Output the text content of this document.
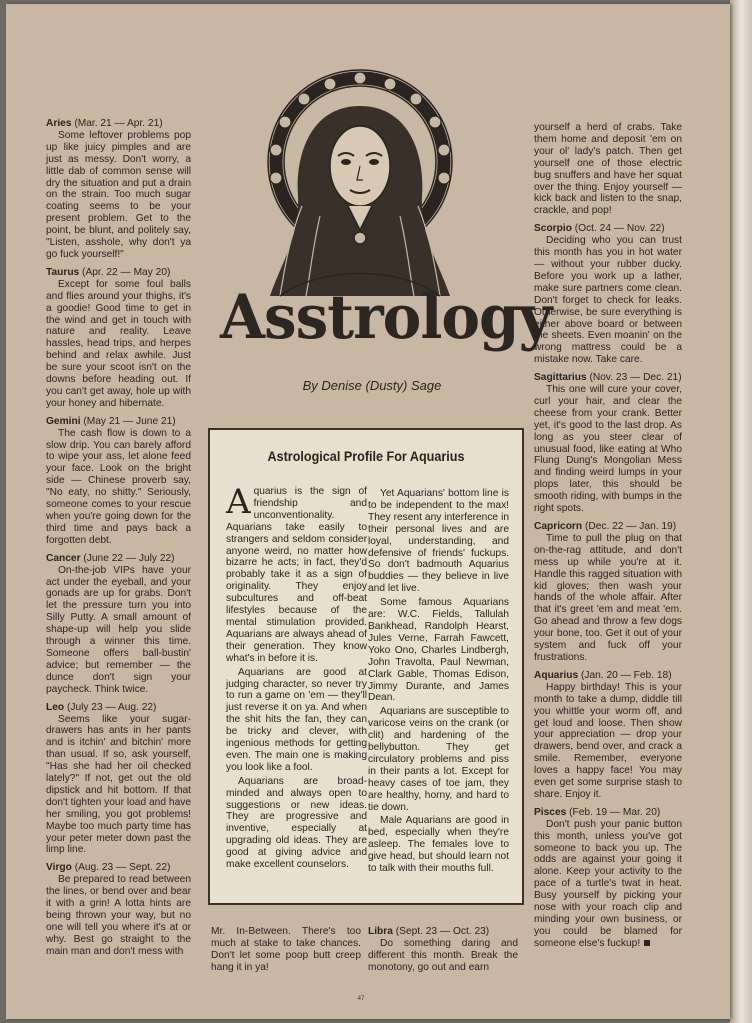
Aries (Mar. 21 — Apr. 21)
Some leftover problems pop up like juicy pimples and are just as messy. Don't worry, a little dab of common sense will dry the situation and put a drain on the strain. Too much sugar coating seems to be your present problem. Get to the point, be blunt, and politely say, "Listen, asshole, why don't ya go fuck yourself!"

Taurus (Apr. 22 — May 20)
Except for some foul balls and flies around your thighs, it's a goodie! Good time to get in the wind and get in touch with nature and reality. Leave hassles, head trips, and herpes behind and relax awhile. Just be sure your scoot isn't on the downs before heading out. If you can't get away, hole up with your honey and hibernate.

Gemini (May 21 — June 21)
The cash flow is down to a slow drip. You can barely afford to wipe your ass, let alone feed your face. Look on the bright side — Chinese proverb say, "No eaty, no shitty." Seriously, someone comes to your rescue when you're going down for the third time and pays back a forgotten debt.

Cancer (June 22 — July 22)
On-the-job VIPs have your act under the eyeball, and your gonads are up for grabs. Don't let the pressure turn you into Silly Putty. A small amount of shape-up will help you slide through a winner this time. Someone offers ball-bustin' advice; but remember — the dunce don't sign your paycheck. Think twice.

Leo (July 23 — Aug. 22)
Seems like your sugar-drawers has ants in her pants and is itchin' and bitchin' more than usual. If so, ask yourself, "Has she had her oil checked lately?" If not, get out the old dipstick and hit bottom. If that don't tighten your load and have her smiling, you got problems! Maybe too much party time has your peter meter down past the limp line.

Virgo (Aug. 23 — Sept. 22)
Be prepared to read between the lines, or bend over and bear it with a grin! A lotta hints are being thrown your way, but no one will tell you where it's at or why. Best go straight to the main man and don't mess with

Asstrology
By Denise (Dusty) Sage
Astrological Profile For Aquarius

Aquarius is the sign of friendship and unconventionality. Aquarians take easily to strangers and seldom consider anyone weird, no matter how bizarre he acts; in fact, they'd probably take it as a sign of originality. They enjoy subcultures and off-beat lifestyles because of the mental stimulation provided. Aquarians are always ahead of their generation. They know what's in before it is.

Aquarians are good at judging character, so never try to run a game on 'em — they'll just reverse it on ya. And when the shit hits the fan, they can be tricky and clever, with ingenious methods for getting even. The main one is making you look like a fool.

Aquarians are broad-minded and always open to suggestions or new ideas. They are progressive and inventive, especially at upgrading old ideas. They are good at giving advice and make excellent counselors.

Yet Aquarians' bottom line is to be independent to the max! They resent any interference in their personal lives and are loyal, understanding, and defensive of friends' fuckups. So don't badmouth Aquarius buddies — they believe in live and let live.

Some famous Aquarians are: W.C. Fields, Tallulah Bankhead, Randolph Hearst, Jules Verne, Farrah Fawcett, Yoko Ono, Charles Lindbergh, John Travolta, Paul Newman, Clark Gable, Thomas Edison, Jimmy Durante, and James Dean.

Aquarians are susceptible to varicose veins on the crank (or clit) and hardening of the bellybutton. They get circulatory problems and piss in their pants a lot. Except for heavy cases of toe jam, they are healthy, horny, and hard to tie down.

Male Aquarians are good in bed, especially when they're asleep. The females love to give head, but should learn not to talk with their mouths full.

Mr. In-Between. There's too much at stake to take chances. Don't let some poop butt creep hang it in ya!

Libra (Sept. 23 — Oct. 23)
Do something daring and different this month. Break the monotony, go out and earn

yourself a herd of crabs. Take them home and deposit 'em on your ol' lady's patch. Then get yourself one of those electric bug snuffers and have her squat over the thing. Enjoy yourself — kick back and listen to the snap, crackle, and pop!

Scorpio (Oct. 24 — Nov. 22)
Deciding who you can trust this month has you in hot water — without your rubber ducky. Before you work up a lather, make sure partners come clean. Don't forget to check for leaks. Otherwise, be sure everything is either above board or between the sheets. Even moanin' on the wrong mattress could be a mistake now. Take care.

Sagittarius (Nov. 23 — Dec. 21)
This one will cure your cover, curl your hair, and clear the cheese from your crank. Better yet, it's good to the last drop. As long as you steer clear of unusual food, like eating at Who Flung Dung's Mongolian Mess and finding weird lumps in your plops later, this should be smooth riding, with bumps in the right spots.

Capricorn (Dec. 22 — Jan. 19)
Time to pull the plug on that on-the-rag attitude, and don't mess up while you're at it. Handle this ragged situation with kid gloves; then wash your hands of the whole affair. After that it's greet 'em and meat 'em. Go ahead and throw a few dogs your bone, too. Get it out of your system and fuck off your frustrations.

Aquarius (Jan. 20 — Feb. 18)
Happy birthday! This is your month to take a dump, diddle till you whittle your worm off, and get loud and loose. Then show your appreciation — drop your drawers, bend over, and crack a smile. Remember, everyone loves a happy face! You may even get some surprise stash to share. Enjoy it.

Pisces (Feb. 19 — Mar. 20)
Don't push your panic button this month, unless you've got someone to back you up. The odds are against your going it alone. Keep your activity to the pace of a turtle's twat in heat. Busy yourself by picking your nose with your roach clip and minding your own business, or you could be blamed for someone else's fuckup!

47
